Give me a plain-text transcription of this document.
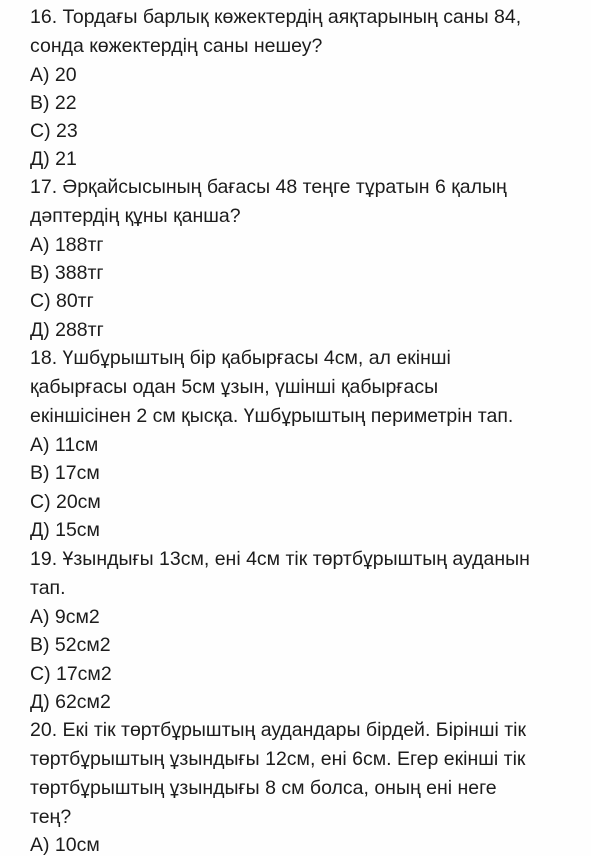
16. Тордағы барлық көжектердің аяқтарының саны 84,
сонда көжектердің саны нешеу?
А) 20
В) 22
С) 23
Д) 21
17. Әрқайсысының бағасы 48 теңге тұратын 6 қалың
дәптердің құны қанша?
А) 188тг
В) 388тг
С) 80тг
Д) 288тг
18. Үшбұрыштың бір қабырғасы 4см, ал екінші
қабырғасы одан 5см ұзын, үшінші қабырғасы
екіншісінен 2 см қысқа. Үшбұрыштың периметрін тап.
А) 11см
В) 17см
С) 20см
Д) 15см
19. Ұзындығы 13см, ені 4см тік төртбұрыштың ауданын
тап.
А) 9см2
В) 52см2
С) 17см2
Д) 62см2
20. Екі тік төртбұрыштың аудандары бірдей. Бірінші тік
төртбұрыштың ұзындығы 12см, ені 6см. Егер екінші тік
төртбұрыштың ұзындығы 8 см болса, оның ені неге
тең?
А) 10см
